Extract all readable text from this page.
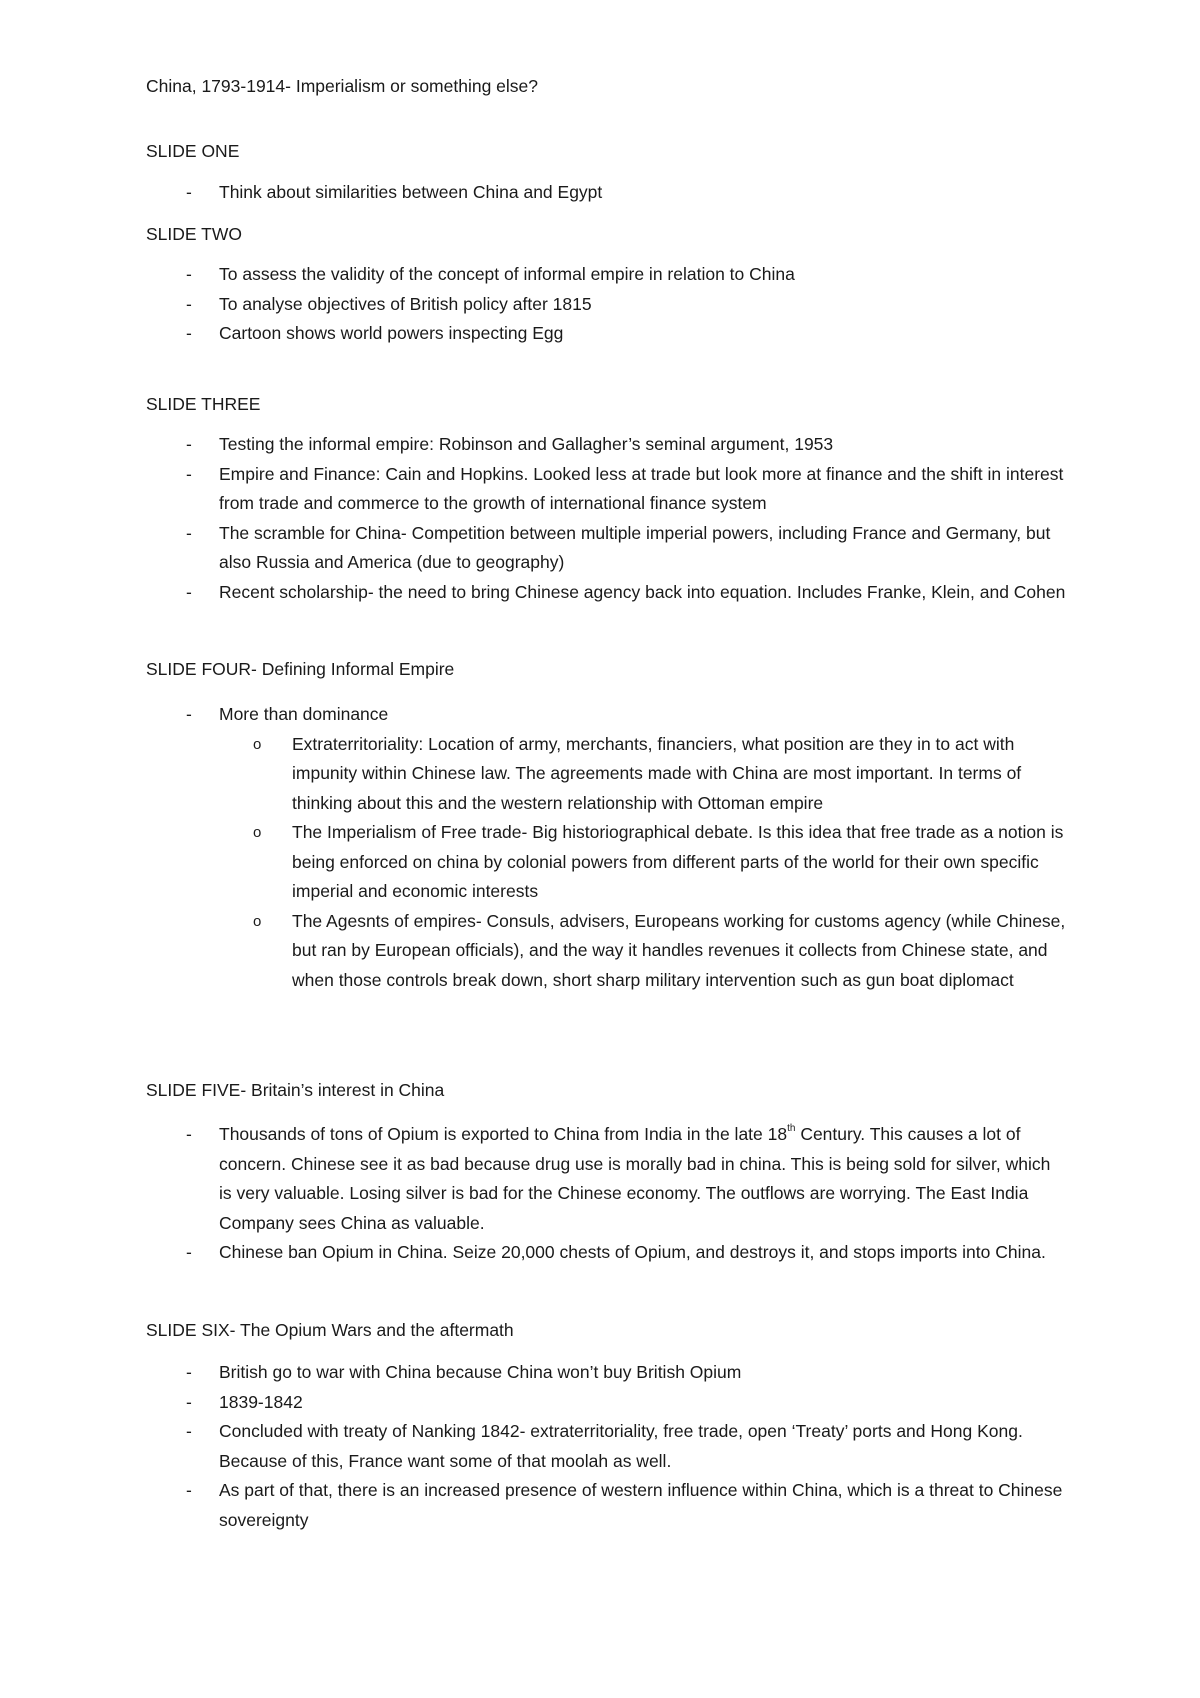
China, 1793-1914- Imperialism or something else?
SLIDE ONE
- Think about similarities between China and Egypt
SLIDE TWO
- To assess the validity of the concept of informal empire in relation to China
- To analyse objectives of British policy after 1815
- Cartoon shows world powers inspecting Egg
SLIDE THREE
- Testing the informal empire: Robinson and Gallagher’s seminal argument, 1953
- Empire and Finance: Cain and Hopkins. Looked less at trade but look more at finance and the shift in interest from trade and commerce to the growth of international finance system
- The scramble for China- Competition between multiple imperial powers, including France and Germany, but also Russia and America (due to geography)
- Recent scholarship- the need to bring Chinese agency back into equation. Includes Franke, Klein, and Cohen
SLIDE FOUR- Defining Informal Empire
- More than dominance
o Extraterritoriality: Location of army, merchants, financiers, what position are they in to act with impunity within Chinese law. The agreements made with China are most important. In terms of thinking about this and the western relationship with Ottoman empire
o The Imperialism of Free trade- Big historiographical debate. Is this idea that free trade as a notion is being enforced on china by colonial powers from different parts of the world for their own specific imperial and economic interests
o The Agesnts of empires- Consuls, advisers, Europeans working for customs agency (while Chinese, but ran by European officials), and the way it handles revenues it collects from Chinese state, and when those controls break down, short sharp military intervention such as gun boat diplomact
SLIDE FIVE- Britain’s interest in China
- Thousands of tons of Opium is exported to China from India in the late 18th Century. This causes a lot of concern. Chinese see it as bad because drug use is morally bad in china. This is being sold for silver, which is very valuable. Losing silver is bad for the Chinese economy. The outflows are worrying. The East India Company sees China as valuable.
- Chinese ban Opium in China. Seize 20,000 chests of Opium, and destroys it, and stops imports into China.
SLIDE SIX- The Opium Wars and the aftermath
- British go to war with China because China won’t buy British Opium
- 1839-1842
- Concluded with treaty of Nanking 1842- extraterritoriality, free trade, open ‘Treaty’ ports and Hong Kong. Because of this, France want some of that moolah as well.
- As part of that, there is an increased presence of western influence within China, which is a threat to Chinese sovereignty
